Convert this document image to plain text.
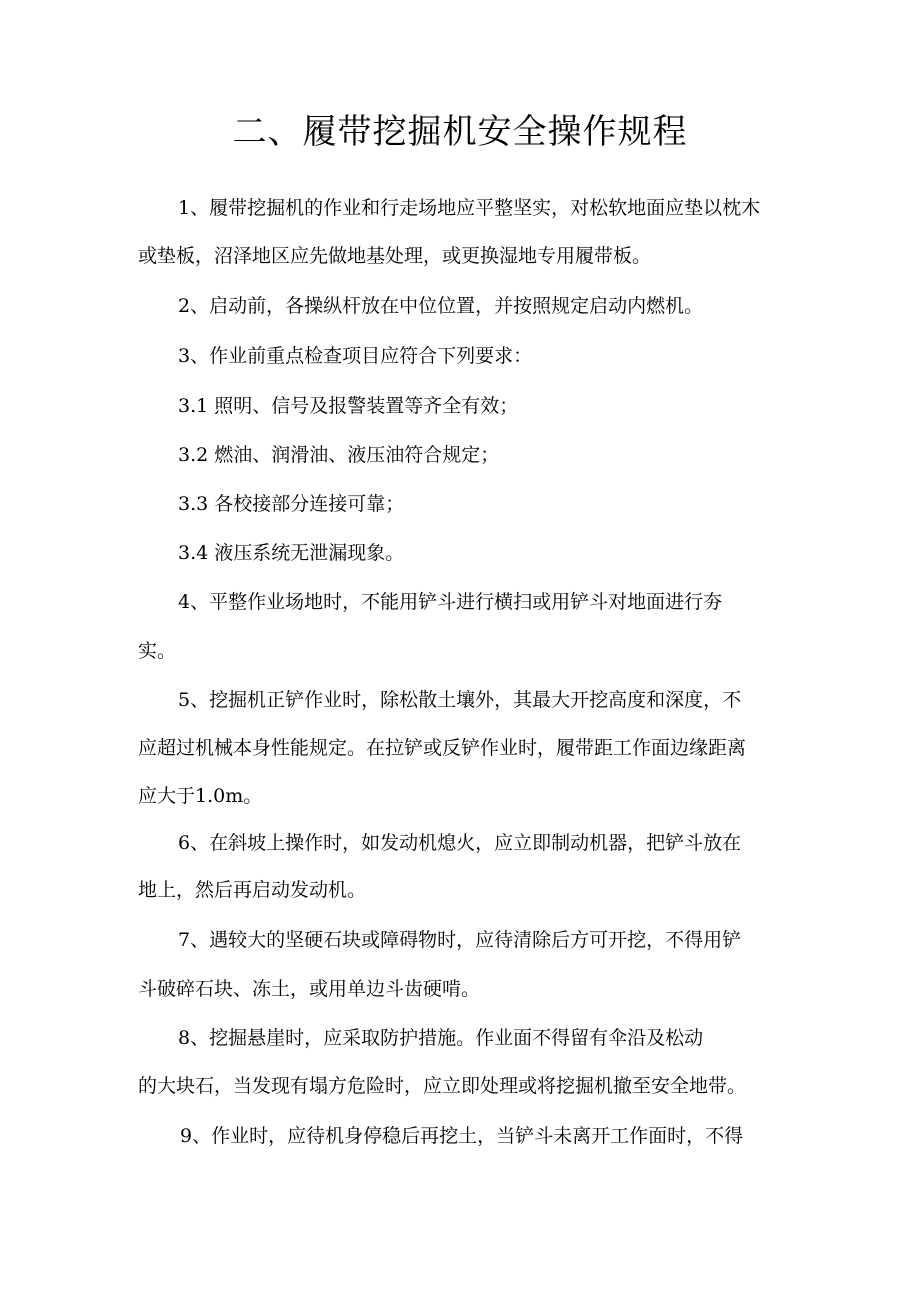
二、履带挖掘机安全操作规程
1、履带挖掘机的作业和行走场地应平整坚实，对松软地面应垫以枕木
或垫板，沼泽地区应先做地基处理，或更换湿地专用履带板。
2、启动前，各操纵杆放在中位位置，并按照规定启动内燃机。
3、作业前重点检查项目应符合下列要求：
3.1 照明、信号及报警装置等齐全有效；
3.2 燃油、润滑油、液压油符合规定；
3.3 各校接部分连接可靠；
3.4 液压系统无泄漏现象。
4、平整作业场地时，不能用铲斗进行横扫或用铲斗对地面进行夯
实。
5、挖掘机正铲作业时，除松散土壤外，其最大开挖高度和深度，不
应超过机械本身性能规定。在拉铲或反铲作业时，履带距工作面边缘距离
应大于1.0m。
6、在斜坡上操作时，如发动机熄火，应立即制动机器，把铲斗放在
地上，然后再启动发动机。
7、遇较大的坚硬石块或障碍物时，应待清除后方可开挖，不得用铲
斗破碎石块、冻土，或用单边斗齿硬啃。
8、挖掘悬崖时，应采取防护措施。作业面不得留有伞沿及松动
的大块石，当发现有塌方危险时，应立即处理或将挖掘机撤至安全地带。
9、作业时，应待机身停稳后再挖土，当铲斗未离开工作面时，不得
